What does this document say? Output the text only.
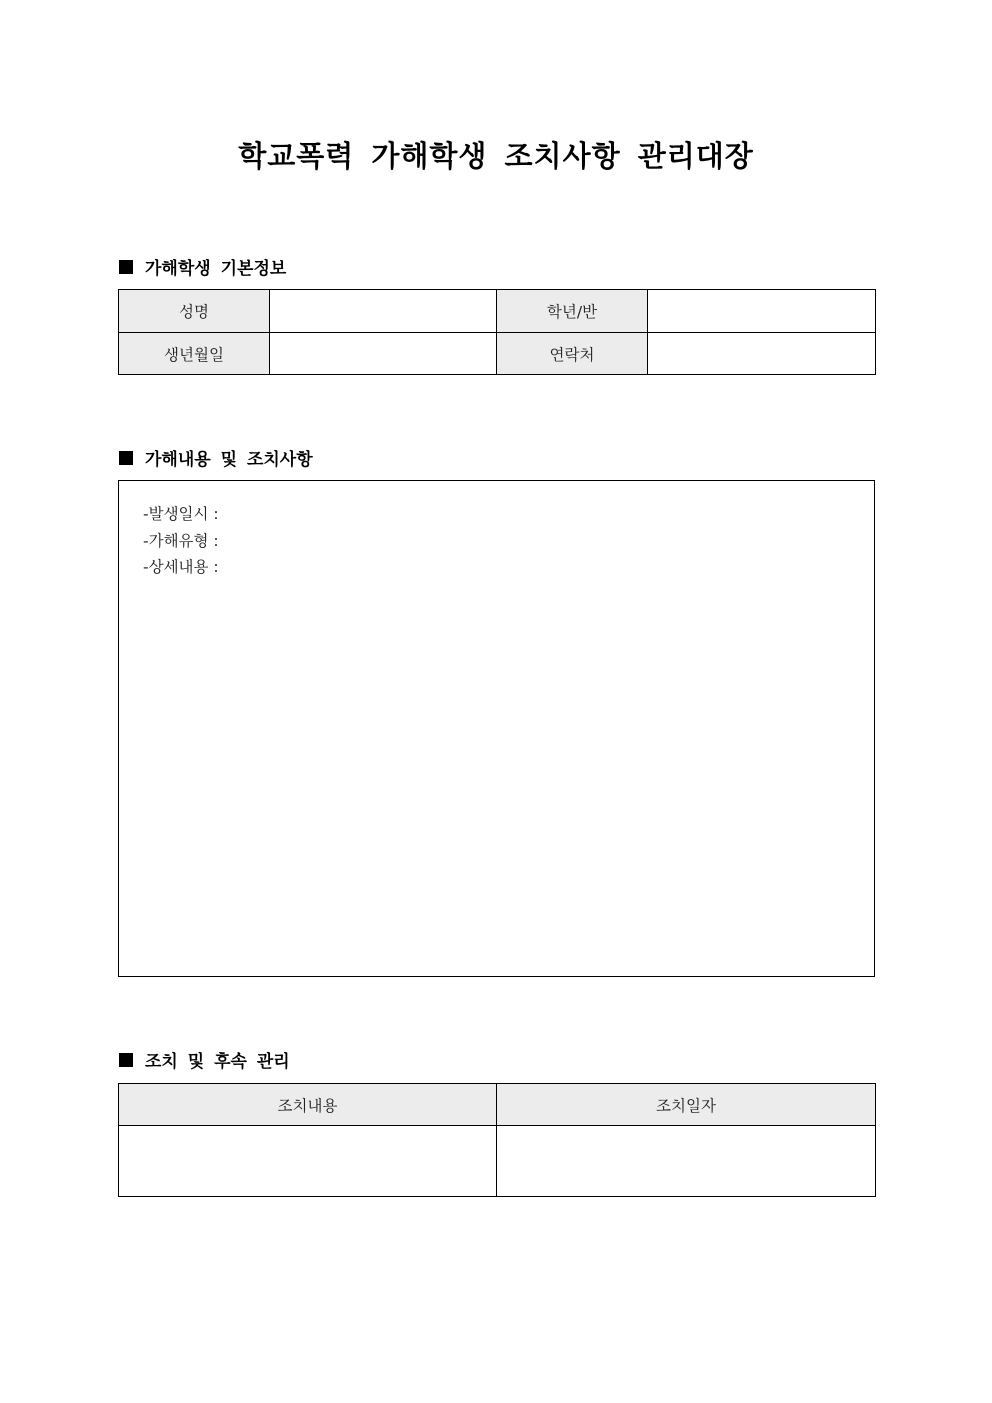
학교폭력 가해학생 조치사항 관리대장
가해학생 기본정보
성명		학년/반	
생년월일		연락처	
가해내용 및 조치사항
-발생일시 :
-가해유형 :
-상세내용 :
조치 및 후속 관리
조치내용	조치일자
